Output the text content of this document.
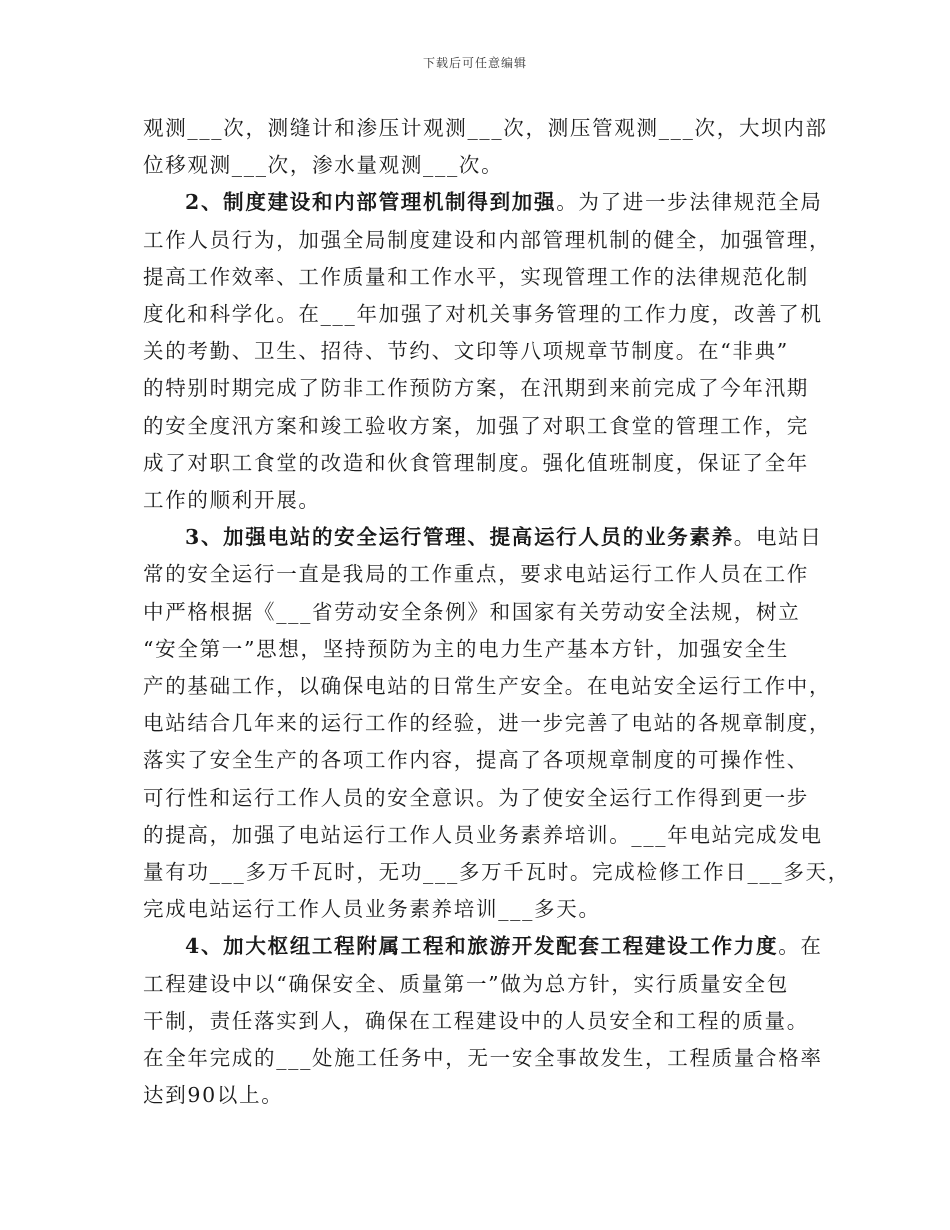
下载后可任意编辑
观测___次，测缝计和渗压计观测___次，测压管观测___次，大坝内部
位移观测___次，渗水量观测___次。
2、制度建设和内部管理机制得到加强。为了进一步法律规范全局
工作人员行为，加强全局制度建设和内部管理机制的健全，加强管理，
提高工作效率、工作质量和工作水平，实现管理工作的法律规范化制
度化和科学化。在___年加强了对机关事务管理的工作力度，改善了机
关的考勤、卫生、招待、节约、文印等八项规章节制度。在“非典”
的特别时期完成了防非工作预防方案，在汛期到来前完成了今年汛期
的安全度汛方案和竣工验收方案，加强了对职工食堂的管理工作，完
成了对职工食堂的改造和伙食管理制度。强化值班制度，保证了全年
工作的顺利开展。
3、加强电站的安全运行管理、提高运行人员的业务素养。电站日
常的安全运行一直是我局的工作重点，要求电站运行工作人员在工作
中严格根据《___省劳动安全条例》和国家有关劳动安全法规，树立
“安全第一”思想，坚持预防为主的电力生产基本方针，加强安全生
产的基础工作，以确保电站的日常生产安全。在电站安全运行工作中，
电站结合几年来的运行工作的经验，进一步完善了电站的各规章制度，
落实了安全生产的各项工作内容，提高了各项规章制度的可操作性、
可行性和运行工作人员的安全意识。为了使安全运行工作得到更一步
的提高，加强了电站运行工作人员业务素养培训。___年电站完成发电
量有功___多万千瓦时，无功___多万千瓦时。完成检修工作日___多天，
完成电站运行工作人员业务素养培训___多天。
4、加大枢纽工程附属工程和旅游开发配套工程建设工作力度。在
工程建设中以“确保安全、质量第一”做为总方针，实行质量安全包
干制，责任落实到人，确保在工程建设中的人员安全和工程的质量。
在全年完成的___处施工任务中，无一安全事故发生，工程质量合格率
达到90以上。
